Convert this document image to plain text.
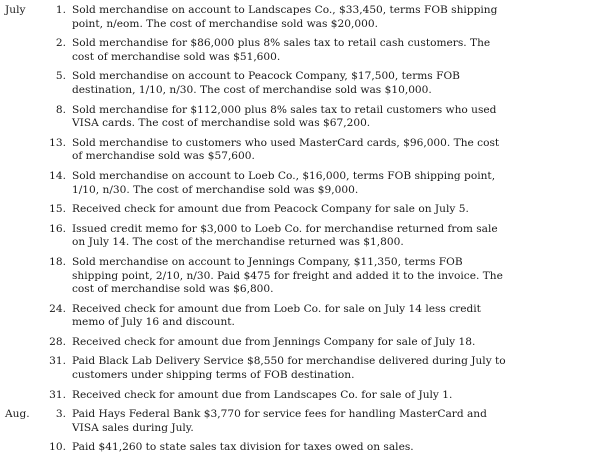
July	1. Sold merchandise on account to Landscapes Co., $33,450, terms FOB shipping point, n/eom. The cost of merchandise sold was $20,000.
2. Sold merchandise for $86,000 plus 8% sales tax to retail cash customers. The cost of merchandise sold was $51,600.
5. Sold merchandise on account to Peacock Company, $17,500, terms FOB destination, 1/10, n/30. The cost of merchandise sold was $10,000.
8. Sold merchandise for $112,000 plus 8% sales tax to retail customers who used VISA cards. The cost of merchandise sold was $67,200.
13. Sold merchandise to customers who used MasterCard cards, $96,000. The cost of merchandise sold was $57,600.
14. Sold merchandise on account to Loeb Co., $16,000, terms FOB shipping point, 1/10, n/30. The cost of merchandise sold was $9,000.
15. Received check for amount due from Peacock Company for sale on July 5.
16. Issued credit memo for $3,000 to Loeb Co. for merchandise returned from sale on July 14. The cost of the merchandise returned was $1,800.
18. Sold merchandise on account to Jennings Company, $11,350, terms FOB shipping point, 2/10, n/30. Paid $475 for freight and added it to the invoice. The cost of merchandise sold was $6,800.
24. Received check for amount due from Loeb Co. for sale on July 14 less credit memo of July 16 and discount.
28. Received check for amount due from Jennings Company for sale of July 18.
31. Paid Black Lab Delivery Service $8,550 for merchandise delivered during July to customers under shipping terms of FOB destination.
31. Received check for amount due from Landscapes Co. for sale of July 1.
Aug.	3. Paid Hays Federal Bank $3,770 for service fees for handling MasterCard and VISA sales during July.
10. Paid $41,260 to state sales tax division for taxes owed on sales.
